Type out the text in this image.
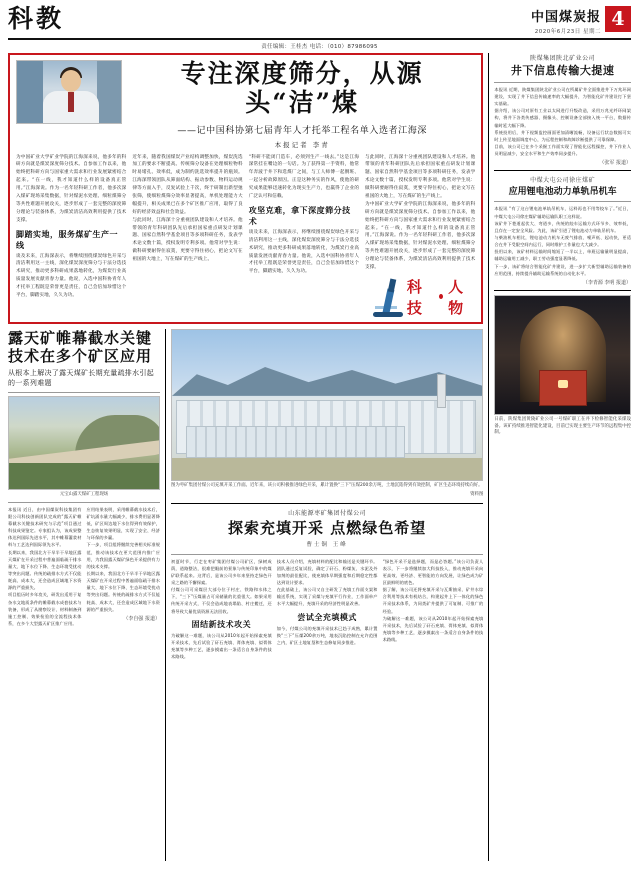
科教	中国煤炭报
2020年6月23日 星期二
4
责任编辑：王桂杰 电话：（010）87986095
专注深度筛分，从源头“洁”煤
——记中国科协第七届青年人才托举工程名单入选者江海深
本报记者 李青
为中国矿业大学矿业学院的江海深来说，他多年的科研方向就是煤炭深度筛分技术。自参加工作以来，他始终把科研方向与国家重大需求和行业发展紧密结合起来。“在一线，我才知道什么样的设备真正管用。”江海深说。作为一名年轻科研工作者，他多次深入煤矿现场采集数据，针对煤泥水处理、细粒煤筛分等共性难题开展攻关，逐步形成了一套完整的深度筛分理论与装备体系，为煤炭清洁高效利用提供了技术支撑。
脚踏实地，服务煤矿生产一线
谈及未来，江海深表示，将继续围绕煤炭绿色开采与清洁利用这一主线，深化煤炭深度筛分与干法分选技术研究，推动更多科研成果落地转化，为煤炭行业高质量发展贡献青春力量。他说，入选中国科协青年人才托举工程既是荣誉更是责任，自己会倍加珍惜这个平台，脚踏实地，久久为功。
近年来，随着我国煤炭产业结构调整加快，煤炭洗选加工的要求不断提高。传统筛分设备在处理细粒物料时易堵孔、效率低，成为制约洗选效率提升的瓶颈。江海深带领团队从筛面结构、振动参数、物料运动规律等方面入手，反复试验上千次，终于研制出新型弛张筛，使细粒煤筛分效率显著提高，单机处理能力大幅提升，相关成果已在多个矿区推广应用，取得了良好的经济效益和社会效益。
与此同时，江海深十分重视团队建设和人才培养。他带领的青年科研团队先后承担国家重点研发计划课题、国家自然科学基金项目等多项科研任务，发表学术论文数十篇，授权发明专利多项。他常对学生说：做科研要耐得住寂寞，更要守得住初心，把论文写在祖国的大地上，写在煤矿的生产线上。
“科研不能闭门造车，必须到生产一线去。”这是江海深常挂在嘴边的一句话。为了获得第一手资料，他常年奔波于井下和选煤厂之间，与工人师傅一起倒班、一起分析故障原因。正是这种务实的作风，使他的研究成果能够迅速转化为现实生产力，也赢得了企业的广泛认可和信赖。
攻坚克难，拿下深度筛分技术
谈及未来，江海深表示，将继续围绕煤炭绿色开采与清洁利用这一主线，深化煤炭深度筛分与干法分选技术研究，推动更多科研成果落地转化，为煤炭行业高质量发展贡献青春力量。他说，入选中国科协青年人才托举工程既是荣誉更是责任，自己会倍加珍惜这个平台，脚踏实地，久久为功。
与此同时，江海深十分重视团队建设和人才培养。他带领的青年科研团队先后承担国家重点研发计划课题、国家自然科学基金项目等多项科研任务，发表学术论文数十篇，授权发明专利多项。他常对学生说：做科研要耐得住寂寞，更要守得住初心，把论文写在祖国的大地上，写在煤矿的生产线上。
为中国矿业大学矿业学院的江海深来说，他多年的科研方向就是煤炭深度筛分技术。自参加工作以来，他始终把科研方向与国家重大需求和行业发展紧密结合起来。“在一线，我才知道什么样的设备真正管用。”江海深说。作为一名年轻科研工作者，他多次深入煤矿现场采集数据，针对煤泥水处理、细粒煤筛分等共性难题开展攻关，逐步形成了一套完整的深度筛分理论与装备体系，为煤炭清洁高效利用提供了技术支撑。
科技
人物
露天矿帷幕截水关键技术在多个矿区应用
从根本上解决了露天煤矿长期充量疏排水引起的一系列难题
元宝山露天煤矿工程现场
本报讯 近日，由中国煤炭科技集团有限公司科技创新团队完成的“露天矿帷幕截水关键技术研究与示范”项目通过科技成果鉴定。专家组认为，该成果整体达到国际先进水平，其中帷幕灌浆材料与工艺达到国际领先水平。
长期以来，我国北方干旱半干旱地区露天煤矿在开采过程中普遍面临疏干排水量大、地下水位下降、生态环境受扰动等突出问题。传统的疏排水方式不仅能耗高、成本大，还会造成区域地下水资源的严重损失。
项目组历时多年攻关，研发出适用于复杂水文地质条件的帷幕截水成套技术与装备，形成了从勘察设计、材料制备到施工控制、效果检验的全流程技术体系，在多个大型露天矿区推广应用。
应用结果表明，采用帷幕截水技术后，矿坑涌水量大幅减少，排水费用显著降低，矿区周边地下水位得到有效保护，生态恢复效果明显，实现了安全、经济与环保的多赢。
下一步，项目组将继续完善相关标准规范，推动该技术在更大范围内推广应用，为我国露天煤矿绿色开采提供有力的技术支撑。
长期以来，我国北方干旱半干旱地区露天煤矿在开采过程中普遍面临疏干排水量大、地下水位下降、生态环境受扰动等突出问题。传统的疏排水方式不仅能耗高、成本大，还会造成区域地下水资源的严重损失。
（李自强 报道）
图为枣矿集团付煤公司充填开采工作面。近年来，该公司积极推进绿色开采，累计置换“三下”压煤200余万吨，土地沉陷得到有效控制，矿区生态环境持续向好。
资料图
山东能源枣矿集团付煤公司
探索充填开采 点燃绿色希望
曹士铜 王峰
初夏时节，行走在枣矿集团付煤公司矿区，绿树成荫，道路整洁，很难把眼前的景象与传统印象中的煤矿联系起来。这背后，是该公司多年来坚持走绿色开采之路的不懈探索。
付煤公司可采煤层大部分位于村庄、铁路和水体之下，“三下”压煤量占可采储量的比重很大。如果采用传统开采方式，不仅会造成地表塌陷、村庄搬迁，还将导致大量优质资源无法回收。
固结新技术攻关
为破解这一难题，该公司从2010年起开始探索充填开采技术，先后试验了矸石充填、膏体充填、似膏体充填等多种工艺，逐步摸索出一条适合自身条件的技术路线。
技术人员介绍，充填材料的配比和输送是关键环节。团队通过反复试验，确定了矸石、粉煤灰、水泥及外加剂的最佳配比，使充填体早期强度和后期稳定性都达到设计要求。
在此基础上，该公司又自主研发了充填工作面支架和输送系统，实现了采煤与充填平行作业，工作面单产水平大幅提升，充填开采的经济性明显改善。
尝试全充填模式
如今，付煤公司的充填开采技术已趋于成熟，累计置换“三下”压煤200余万吨，地表沉陷控制在允许范围之内，矿区土地复垦和生态修复同步推进。
“绿色开采不是选择题，而是必答题。”该公司负责人表示，下一步将继续加大科技投入，推动充填开采向更高效、更经济、更智能的方向发展，让绿色成为矿区最鲜明的底色。
据了解，该公司还将充填开采与瓦斯抽采、矿井水综合利用等技术有机结合，构建起井上下一体化的绿色开采技术体系，为同类矿井提供了可复制、可推广的经验。
为破解这一难题，该公司从2010年起开始探索充填开采技术，先后试验了矸石充填、膏体充填、似膏体充填等多种工艺，逐步摸索出一条适合自身条件的技术路线。
陕煤集团陕北矿业公司
井下信息传输大提速
本报讯 近期，陕煤集团陕北矿业公司在所属矿井全面推进井下万兆环网建设，实现了井下信息传输速率的大幅提升，为智能化矿井建设打下坚实基础。
据介绍，该公司对原有工业以太网进行升级改造，采用万兆光纤环网架构，将井下各类传感器、摄像头、控制设备全部接入统一平台，数据传输时延大幅下降。
系统投用后，井下视频监控画面更加清晰流畅，设备运行状态数据可实时上传至地面调度中心，为远程控制和故障诊断提供了可靠保障。
目前，该公司已在多个采掘工作面实现了智能化远程操控，井下作业人员明显减少，安全水平和生产效率同步提升。
（张军 报道）
中煤大屯公司徐庄煤矿
应用锂电池动力单轨吊机车
本报讯 “有了这台锂电池单轨吊机车，运料再也不用等绞车了。”近日，中煤大屯公司徐庄煤矿辅助运输队职工这样说。
该矿井下巷道起伏大、弯道多，传统的绞车运输方式环节多、效率低，且存在一定安全风险。为此，该矿引进了锂电池动力单轨吊机车。
与柴油机车相比，锂电池动力机车无废气排放、噪声低、起动快，更适合在井下受限空间内运行，同时维护工作量也大大减少。
投用以来，该矿材料运输时间缩短了一半以上，单班运输量明显提高，辅助运输用工减少，职工劳动强度显著降低。
下一步，该矿将结合智能化矿井建设，进一步扩大新型辅助运输装备的应用范围，持续提升辅助运输系统的自动化水平。
（李青源 李明 报道）
日前，陕煤集团黄陵矿业公司一号煤矿职工在井下检修智能化采煤设备。该矿持续推进智能化建设，目前已实现主要生产环节的远程集中控制。
